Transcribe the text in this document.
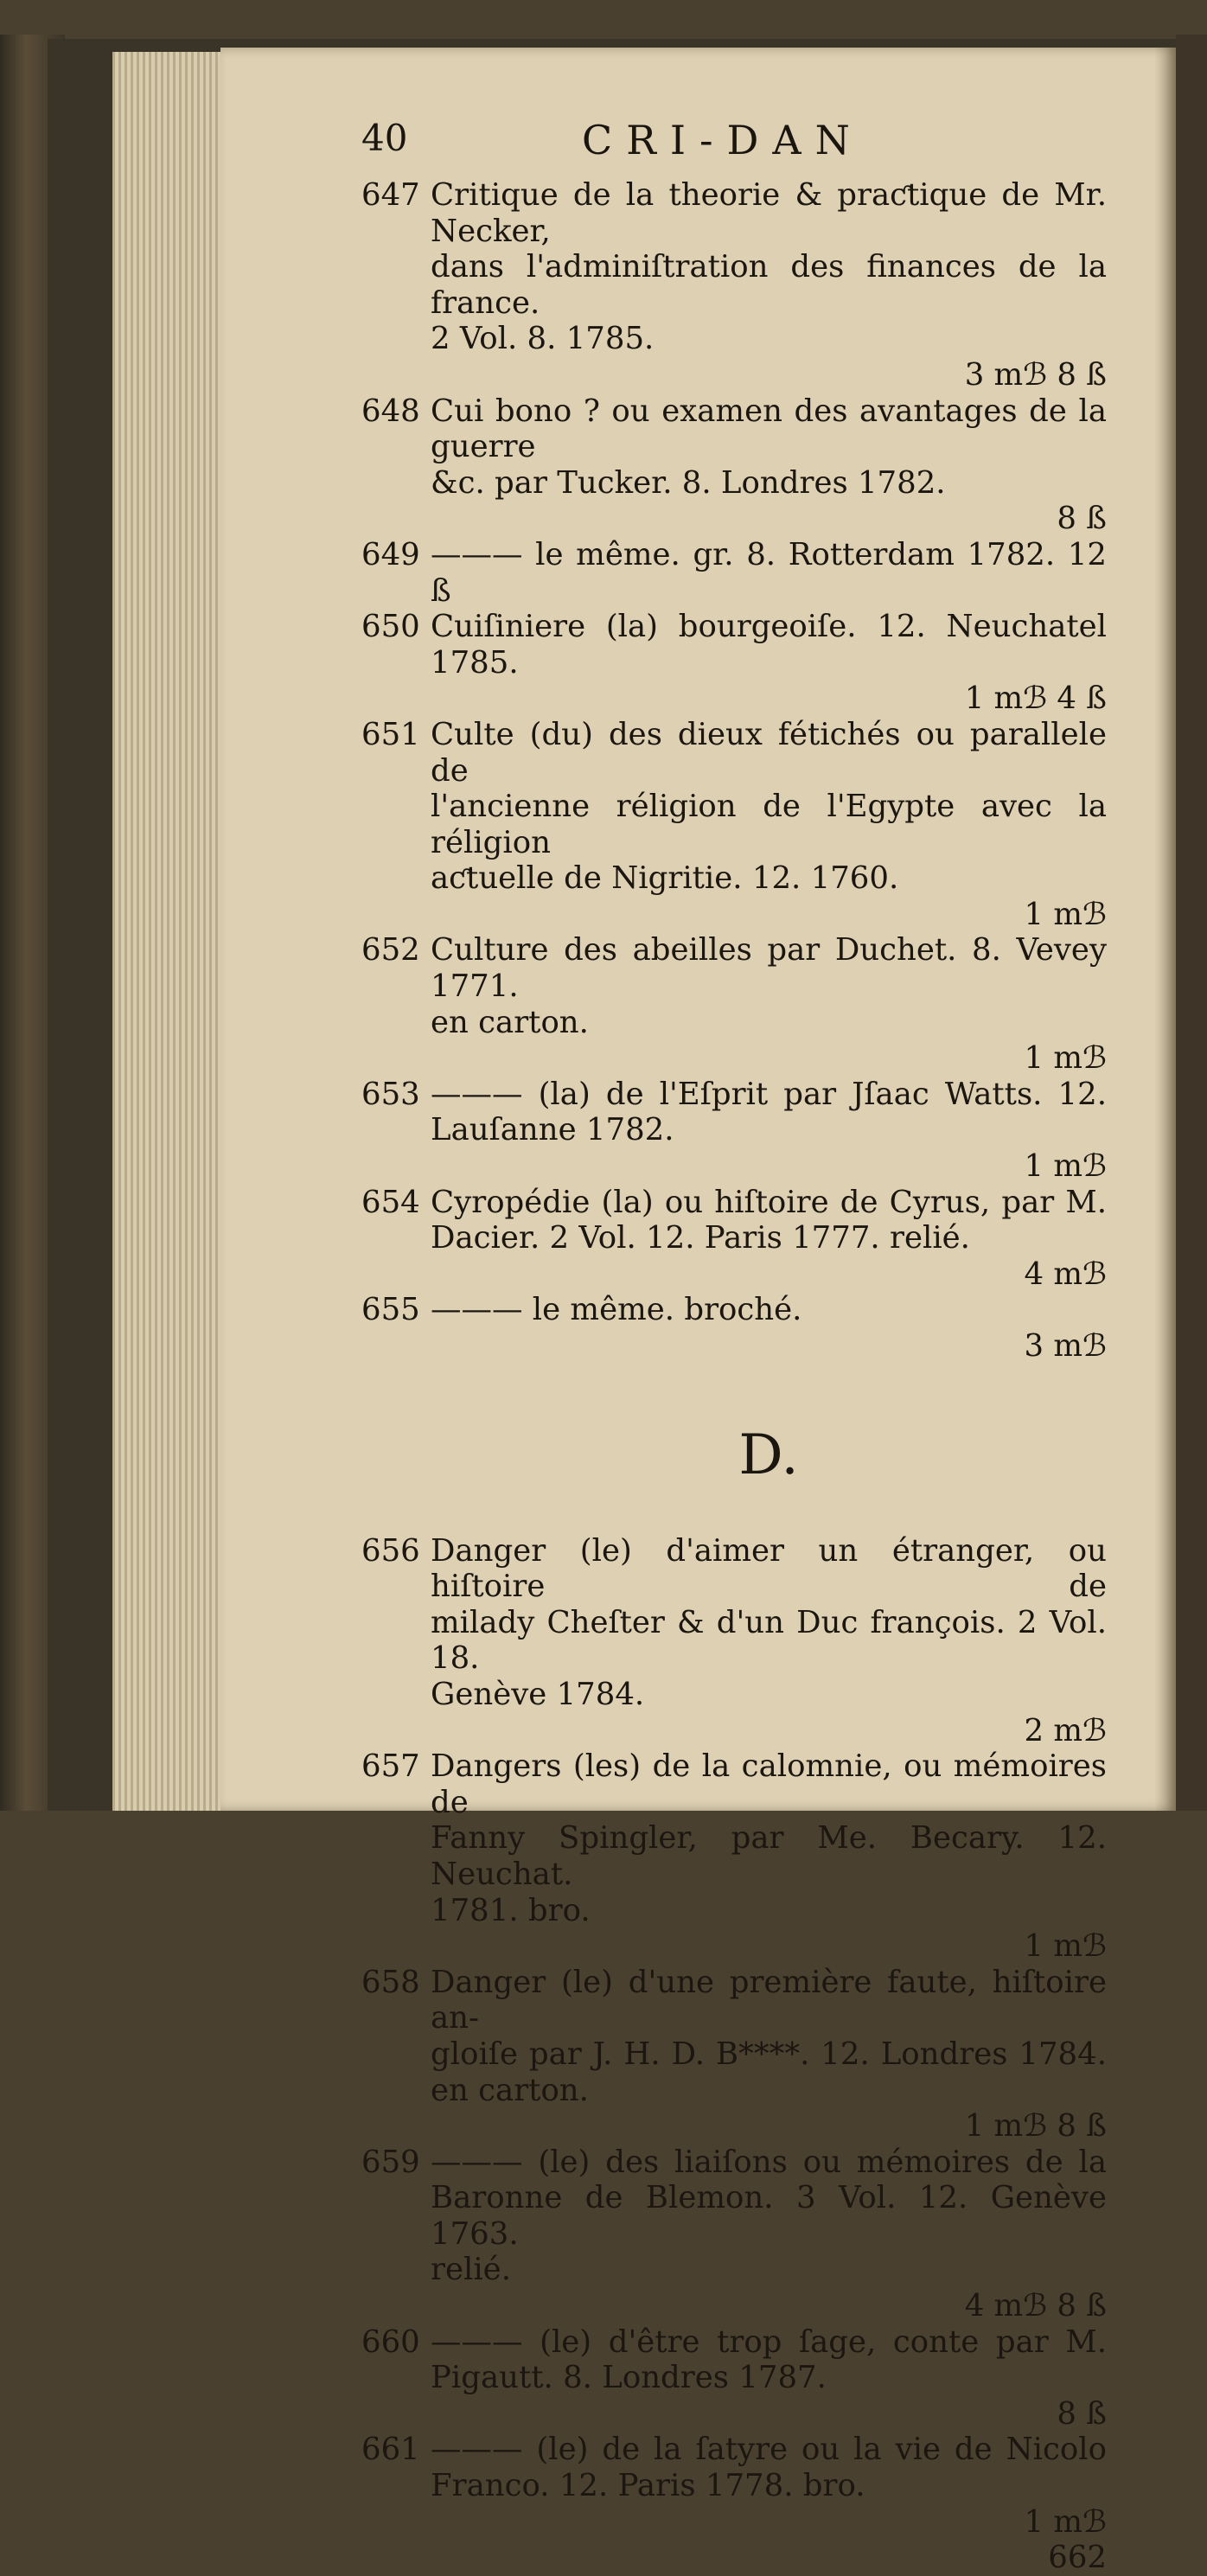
40	CRI-DAN
647 Critique de la theorie & praƈtique de Mr. Necker,
dans l'adminiſtration des finances de la france.
2 Vol. 8. 1785.
3 mℬ 8 ß
648 Cui bono ? ou examen des avantages de la guerre
&c. par Tucker. 8. Londres 1782.
8 ß
649 ——— le même. gr. 8. Rotterdam 1782. 12 ß
650 Cuiſiniere (la) bourgeoiſe. 12. Neuchatel 1785.
1 mℬ 4 ß
651 Culte (du) des dieux fétichés ou parallele de
l'ancienne réligion de l'Egypte avec la réligion
aƈtuelle de Nigritie. 12. 1760.
1 mℬ
652 Culture des abeilles par Duchet. 8. Vevey 1771.
en carton.
1 mℬ
653 ——— (la) de l'Eſprit par Jſaac Watts. 12.
Lauſanne 1782.
1 mℬ
654 Cyropédie (la) ou hiſtoire de Cyrus, par M.
Dacier. 2 Vol. 12. Paris 1777. relié.
4 mℬ
655 ——— le même. broché.
3 mℬ
D.
656 Danger (le) d'aimer un étranger, ou hiſtoire de
milady Cheſter & d'un Duc françois. 2 Vol. 18.
Genève 1784.
2 mℬ
657 Dangers (les) de la calomnie, ou mémoires de
Fanny Spingler, par Me. Becary. 12. Neuchat.
1781. bro.
1 mℬ
658 Danger (le) d'une première faute, hiſtoire an-
gloiſe par J. H. D. B****. 12. Londres 1784.
en carton.
1 mℬ 8 ß
659 ——— (le) des liaiſons ou mémoires de la
Baronne de Blemon. 3 Vol. 12. Genève 1763.
relié.
4 mℬ 8 ß
660 ——— (le) d'être trop ſage, conte par M.
Pigautt. 8. Londres 1787.
8 ß
661 ——— (le) de la ſatyre ou la vie de Nicolo
Franco. 12. Paris 1778. bro.
1 mℬ
662
